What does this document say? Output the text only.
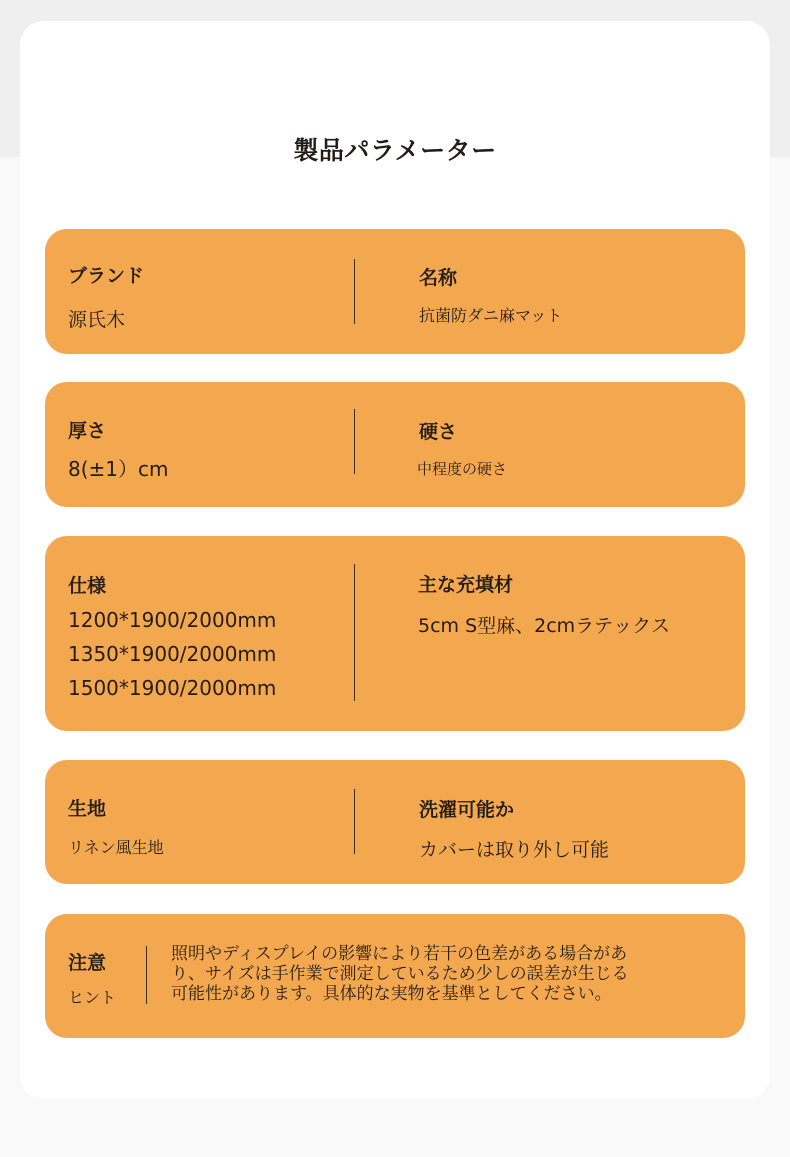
製品パラメーター
ブランド
源氏木
名称
抗菌防ダニ麻マット
厚さ
8(±1）cm
硬さ
中程度の硬さ
仕様
1200*1900/2000mm
1350*1900/2000mm
1500*1900/2000mm
主な充填材
5cm S型麻、2cmラテックス
生地
リネン風生地
洗濯可能か
カバーは取り外し可能
注意
ヒント
照明やディスプレイの影響により若干の色差がある場合があ
り、サイズは手作業で測定しているため少しの誤差が生じる
可能性があります。具体的な実物を基準としてください。
